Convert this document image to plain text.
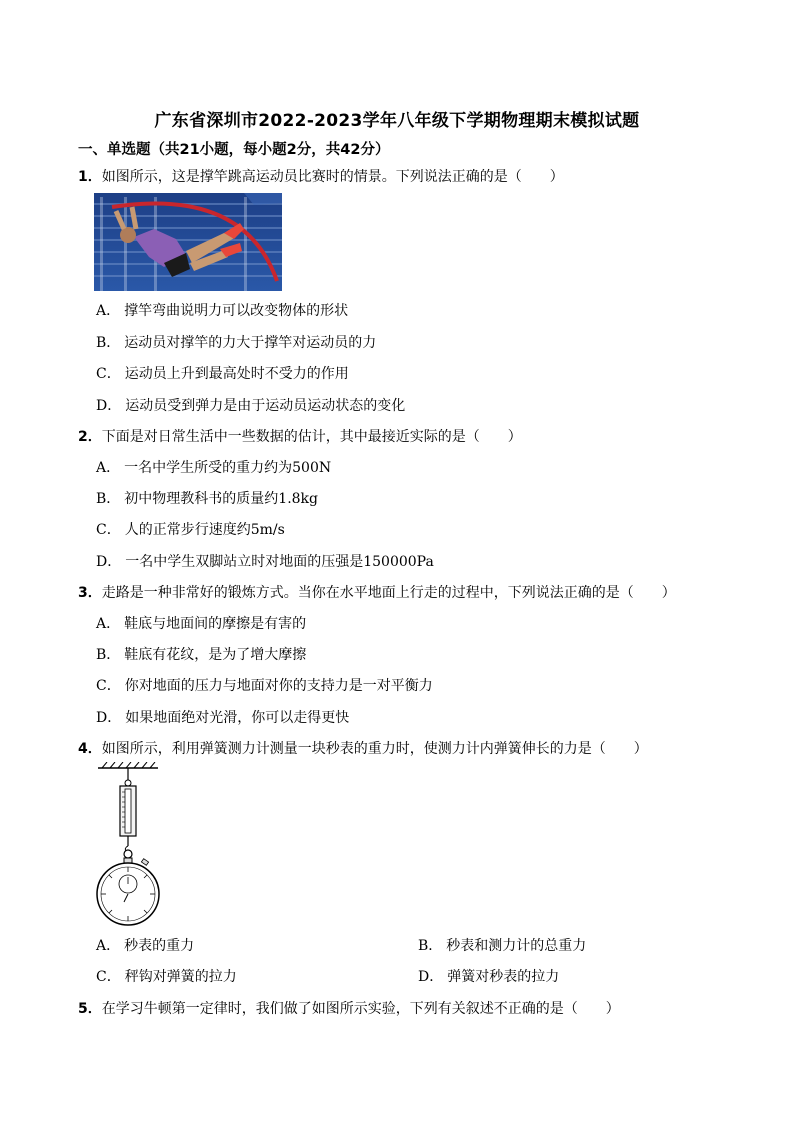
广东省深圳市2022-2023学年八年级下学期物理期末模拟试题
一、单选题（共21小题，每小题2分，共42分）
1．如图所示，这是撑竿跳高运动员比赛时的情景。下列说法正确的是（　　）
A． 撑竿弯曲说明力可以改变物体的形状
B． 运动员对撑竿的力大于撑竿对运动员的力
C． 运动员上升到最高处时不受力的作用
D． 运动员受到弹力是由于运动员运动状态的变化
2．下面是对日常生活中一些数据的估计，其中最接近实际的是（　　）
A． 一名中学生所受的重力约为500N
B． 初中物理教科书的质量约1.8kg
C． 人的正常步行速度约5m/s
D． 一名中学生双脚站立时对地面的压强是150000Pa
3．走路是一种非常好的锻炼方式。当你在水平地面上行走的过程中，下列说法正确的是（　　）
A． 鞋底与地面间的摩擦是有害的
B． 鞋底有花纹，是为了增大摩擦
C． 你对地面的压力与地面对你的支持力是一对平衡力
D． 如果地面绝对光滑，你可以走得更快
4．如图所示，利用弹簧测力计测量一块秒表的重力时，使测力计内弹簧伸长的力是（　　）
A． 秒表的重力	B． 秒表和测力计的总重力
C． 秤钩对弹簧的拉力	D． 弹簧对秒表的拉力
5．在学习牛顿第一定律时，我们做了如图所示实验，下列有关叙述不正确的是（　　）
